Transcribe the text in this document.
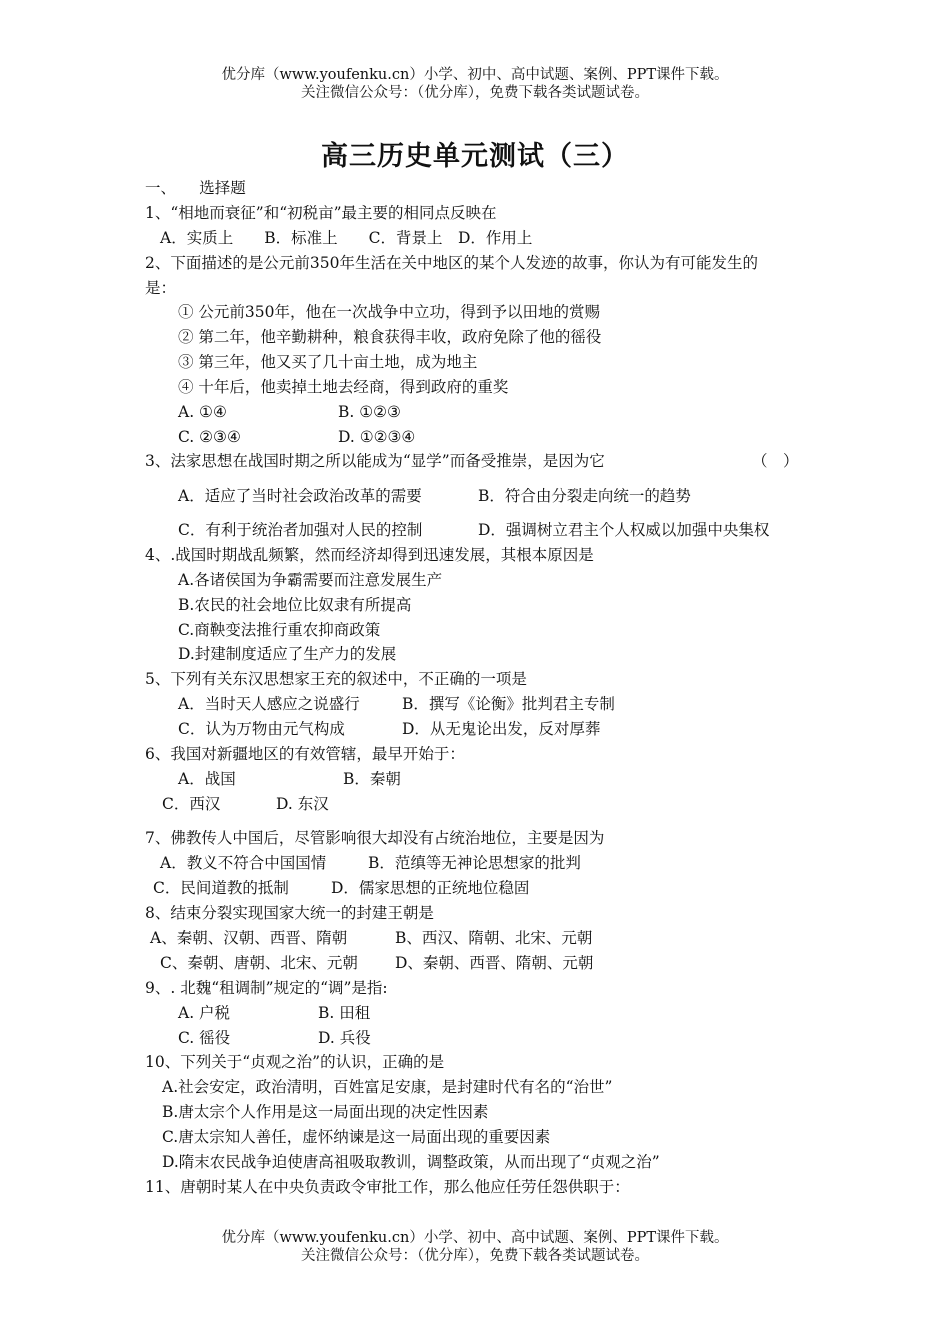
优分库（www.youfenku.cn）小学、初中、高中试题、案例、PPT课件下载。
关注微信公众号：（优分库），免费下载各类试题试卷。
高三历史单元测试（三）
一、　　选择题
1、“相地而衰征”和“初税亩”最主要的相同点反映在
A．实质上　　B．标准上　　C．背景上　D．作用上
2、下面描述的是公元前350年生活在关中地区的某个人发迹的故事，你认为有可能发生的
是：
① 公元前350年，他在一次战争中立功，得到予以田地的赏赐
② 第二年，他辛勤耕种，粮食获得丰收，政府免除了他的徭役
③ 第三年，他又买了几十亩土地，成为地主
④ 十年后，他卖掉土地去经商，得到政府的重奖
A. ①④	B. ①②③
C. ②③④	D. ①②③④
3、法家思想在战国时期之所以能成为“显学”而备受推崇，是因为它	（　）
A．适应了当时社会政治改革的需要	B．符合由分裂走向统一的趋势
C．有利于统治者加强对人民的控制	D．强调树立君主个人权威以加强中央集权
4、.战国时期战乱频繁，然而经济却得到迅速发展，其根本原因是
A.各诸侯国为争霸需要而注意发展生产
B.农民的社会地位比奴隶有所提高
C.商鞅变法推行重农抑商政策
D.封建制度适应了生产力的发展
5、下列有关东汉思想家王充的叙述中，不正确的一项是
A．当时天人感应之说盛行	B．撰写《论衡》批判君主专制
C．认为万物由元气构成	D．从无鬼论出发，反对厚葬
6、我国对新疆地区的有效管辖，最早开始于：
A．战国	B．秦朝
C．西汉	D. 东汉
7、佛教传人中国后，尽管影响很大却没有占统治地位，主要是因为
A．教义不符合中国国情	B．范缜等无神论思想家的批判
C．民间道教的抵制	D．儒家思想的正统地位稳固
8、结束分裂实现国家大统一的封建王朝是
A、秦朝、汉朝、西晋、隋朝	B、西汉、隋朝、北宋、元朝
C、秦朝、唐朝、北宋、元朝 D、秦朝、西晋、隋朝、元朝
9、. 北魏“租调制”规定的“调”是指:
A. 户税	B. 田租
C. 徭役	D. 兵役
10、下列关于“贞观之治”的认识，正确的是
A.社会安定，政治清明，百姓富足安康，是封建时代有名的“治世”
B.唐太宗个人作用是这一局面出现的决定性因素
C.唐太宗知人善任，虚怀纳谏是这一局面出现的重要因素
D.隋末农民战争迫使唐高祖吸取教训，调整政策，从而出现了“贞观之治”
11、唐朝时某人在中央负责政令审批工作，那么他应任劳任怨供职于：
优分库（www.youfenku.cn）小学、初中、高中试题、案例、PPT课件下载。
关注微信公众号：（优分库），免费下载各类试题试卷。
